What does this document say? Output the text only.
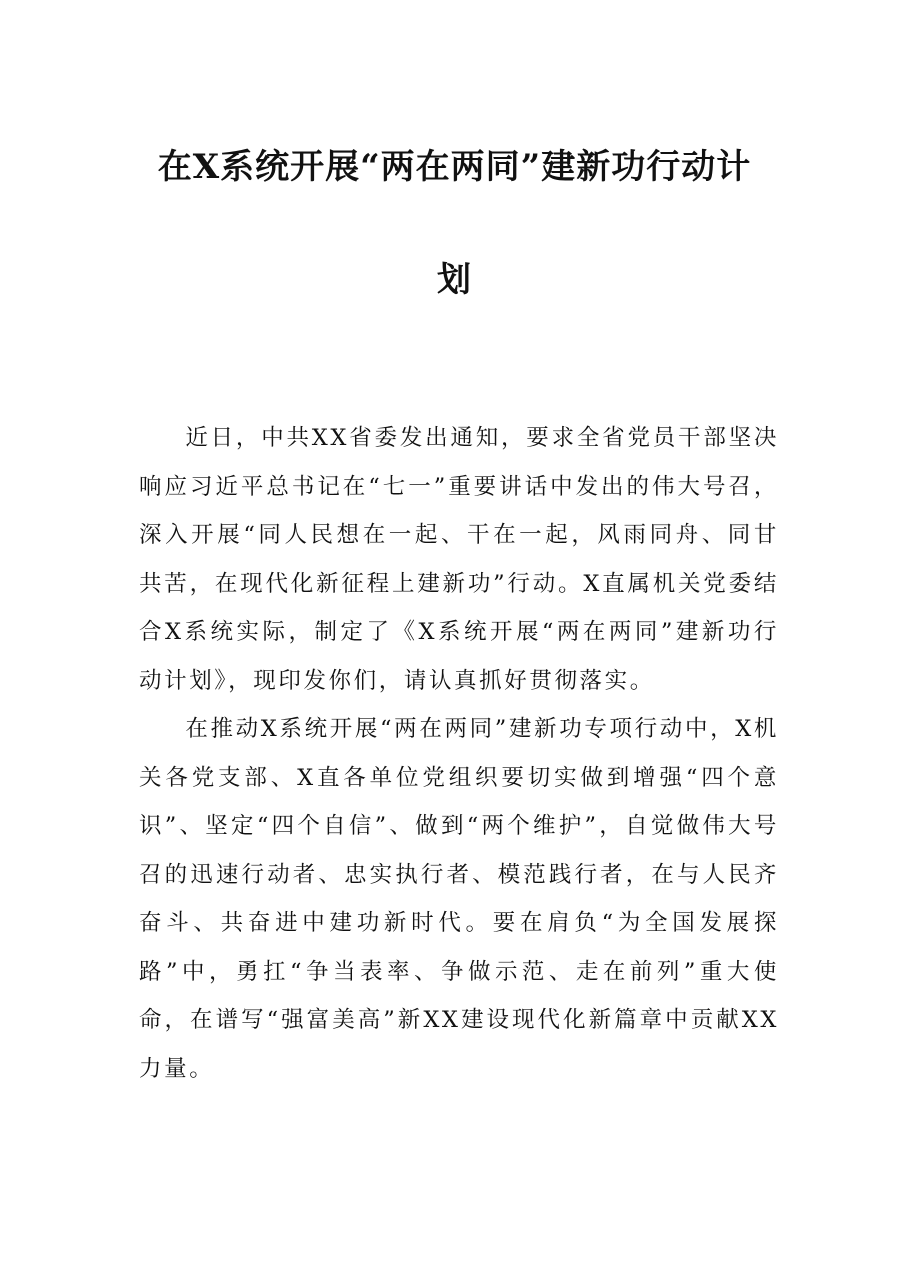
在X系统开展“两在两同”建新功行动计
划

近日，中共XX省委发出通知，要求全省党员干部坚决响应习近平总书记在“七一”重要讲话中发出的伟大号召，深入开展“同人民想在一起、干在一起，风雨同舟、同甘共苦，在现代化新征程上建新功”行动。X直属机关党委结合X系统实际，制定了《X系统开展“两在两同”建新功行动计划》，现印发你们，请认真抓好贯彻落实。

在推动X系统开展“两在两同”建新功专项行动中，X机关各党支部、X直各单位党组织要切实做到增强“四个意识”、坚定“四个自信”、做到“两个维护”，自觉做伟大号召的迅速行动者、忠实执行者、模范践行者，在与人民齐奋斗、共奋进中建功新时代。要在肩负“为全国发展探路”中，勇扛“争当表率、争做示范、走在前列”重大使命，在谱写“强富美高”新XX建设现代化新篇章中贡献XX力量。
